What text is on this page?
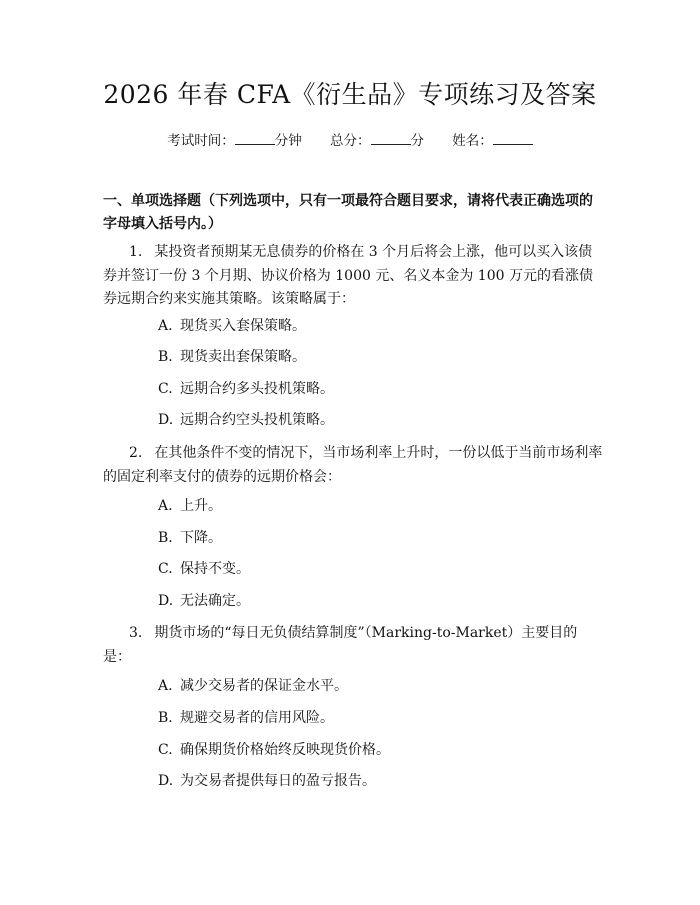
2026 年春 CFA《衍生品》专项练习及答案
考试时间：	分钟 总分：	分 姓名：
一、单项选择题（下列选项中，只有一项最符合题目要求，请将代表正确选项的字母填入括号内。）
1. 某投资者预期某无息债券的价格在 3 个月后将会上涨，他可以买入该债券并签订一份 3 个月期、协议价格为 1000 元、名义本金为 100 万元的看涨债券远期合约来实施其策略。该策略属于：
A. 现货买入套保策略。
B. 现货卖出套保策略。
C. 远期合约多头投机策略。
D. 远期合约空头投机策略。
2. 在其他条件不变的情况下，当市场利率上升时，一份以低于当前市场利率的固定利率支付的债券的远期价格会：
A. 上升。
B. 下降。
C. 保持不变。
D. 无法确定。
3. 期货市场的“每日无负债结算制度”（Marking-to-Market）主要目的是：
A. 减少交易者的保证金水平。
B. 规避交易者的信用风险。
C. 确保期货价格始终反映现货价格。
D. 为交易者提供每日的盈亏报告。
